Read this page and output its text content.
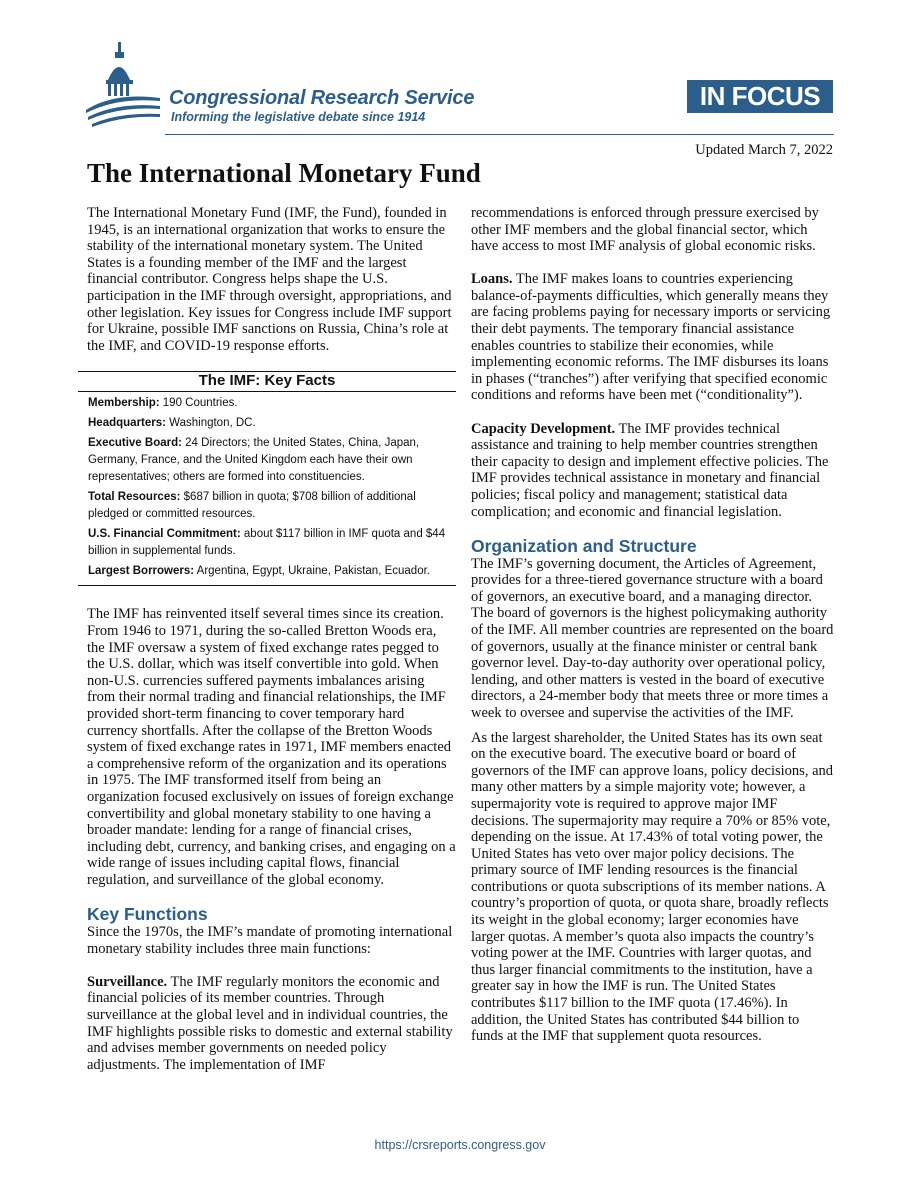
Congressional Research Service
Informing the legislative debate since 1914
IN FOCUS
Updated March 7, 2022
The International Monetary Fund

The International Monetary Fund (IMF, the Fund), founded in 1945, is an international organization that works to ensure the stability of the international monetary system. The United States is a founding member of the IMF and the largest financial contributor. Congress helps shape the U.S. participation in the IMF through oversight, appropriations, and other legislation. Key issues for Congress include IMF support for Ukraine, possible IMF sanctions on Russia, China’s role at the IMF, and COVID-19 response efforts.

The IMF: Key Facts
Membership: 190 Countries.
Headquarters: Washington, DC.
Executive Board: 24 Directors; the United States, China, Japan, Germany, France, and the United Kingdom each have their own representatives; others are formed into constituencies.
Total Resources: $687 billion in quota; $708 billion of additional pledged or committed resources.
U.S. Financial Commitment: about $117 billion in IMF quota and $44 billion in supplemental funds.
Largest Borrowers: Argentina, Egypt, Ukraine, Pakistan, Ecuador.

The IMF has reinvented itself several times since its creation. From 1946 to 1971, during the so-called Bretton Woods era, the IMF oversaw a system of fixed exchange rates pegged to the U.S. dollar, which was itself convertible into gold. When non-U.S. currencies suffered payments imbalances arising from their normal trading and financial relationships, the IMF provided short-term financing to cover temporary hard currency shortfalls. After the collapse of the Bretton Woods system of fixed exchange rates in 1971, IMF members enacted a comprehensive reform of the organization and its operations in 1975. The IMF transformed itself from being an organization focused exclusively on issues of foreign exchange convertibility and global monetary stability to one having a broader mandate: lending for a range of financial crises, including debt, currency, and banking crises, and engaging on a wide range of issues including capital flows, financial regulation, and surveillance of the global economy.

Key Functions

Since the 1970s, the IMF’s mandate of promoting international monetary stability includes three main functions:

Surveillance. The IMF regularly monitors the economic and financial policies of its member countries. Through surveillance at the global level and in individual countries, the IMF highlights possible risks to domestic and external stability and advises member governments on needed policy adjustments. The implementation of IMF

recommendations is enforced through pressure exercised by other IMF members and the global financial sector, which have access to most IMF analysis of global economic risks.

Loans. The IMF makes loans to countries experiencing balance-of-payments difficulties, which generally means they are facing problems paying for necessary imports or servicing their debt payments. The temporary financial assistance enables countries to stabilize their economies, while implementing economic reforms. The IMF disburses its loans in phases (“tranches”) after verifying that specified economic conditions and reforms have been met (“conditionality”).

Capacity Development. The IMF provides technical assistance and training to help member countries strengthen their capacity to design and implement effective policies. The IMF provides technical assistance in monetary and financial policies; fiscal policy and management; statistical data complication; and economic and financial legislation.

Organization and Structure

The IMF’s governing document, the Articles of Agreement, provides for a three-tiered governance structure with a board of governors, an executive board, and a managing director. The board of governors is the highest policymaking authority of the IMF. All member countries are represented on the board of governors, usually at the finance minister or central bank governor level. Day-to-day authority over operational policy, lending, and other matters is vested in the board of executive directors, a 24-member body that meets three or more times a week to oversee and supervise the activities of the IMF.

As the largest shareholder, the United States has its own seat on the executive board. The executive board or board of governors of the IMF can approve loans, policy decisions, and many other matters by a simple majority vote; however, a supermajority vote is required to approve major IMF decisions. The supermajority may require a 70% or 85% vote, depending on the issue. At 17.43% of total voting power, the United States has veto over major policy decisions. The primary source of IMF lending resources is the financial contributions or quota subscriptions of its member nations. A country’s proportion of quota, or quota share, broadly reflects its weight in the global economy; larger economies have larger quotas. A member’s quota also impacts the country’s voting power at the IMF. Countries with larger quotas, and thus larger financial commitments to the institution, have a greater say in how the IMF is run. The United States contributes $117 billion to the IMF quota (17.46%). In addition, the United States has contributed $44 billion to funds at the IMF that supplement quota resources.

https://crsreports.congress.gov
